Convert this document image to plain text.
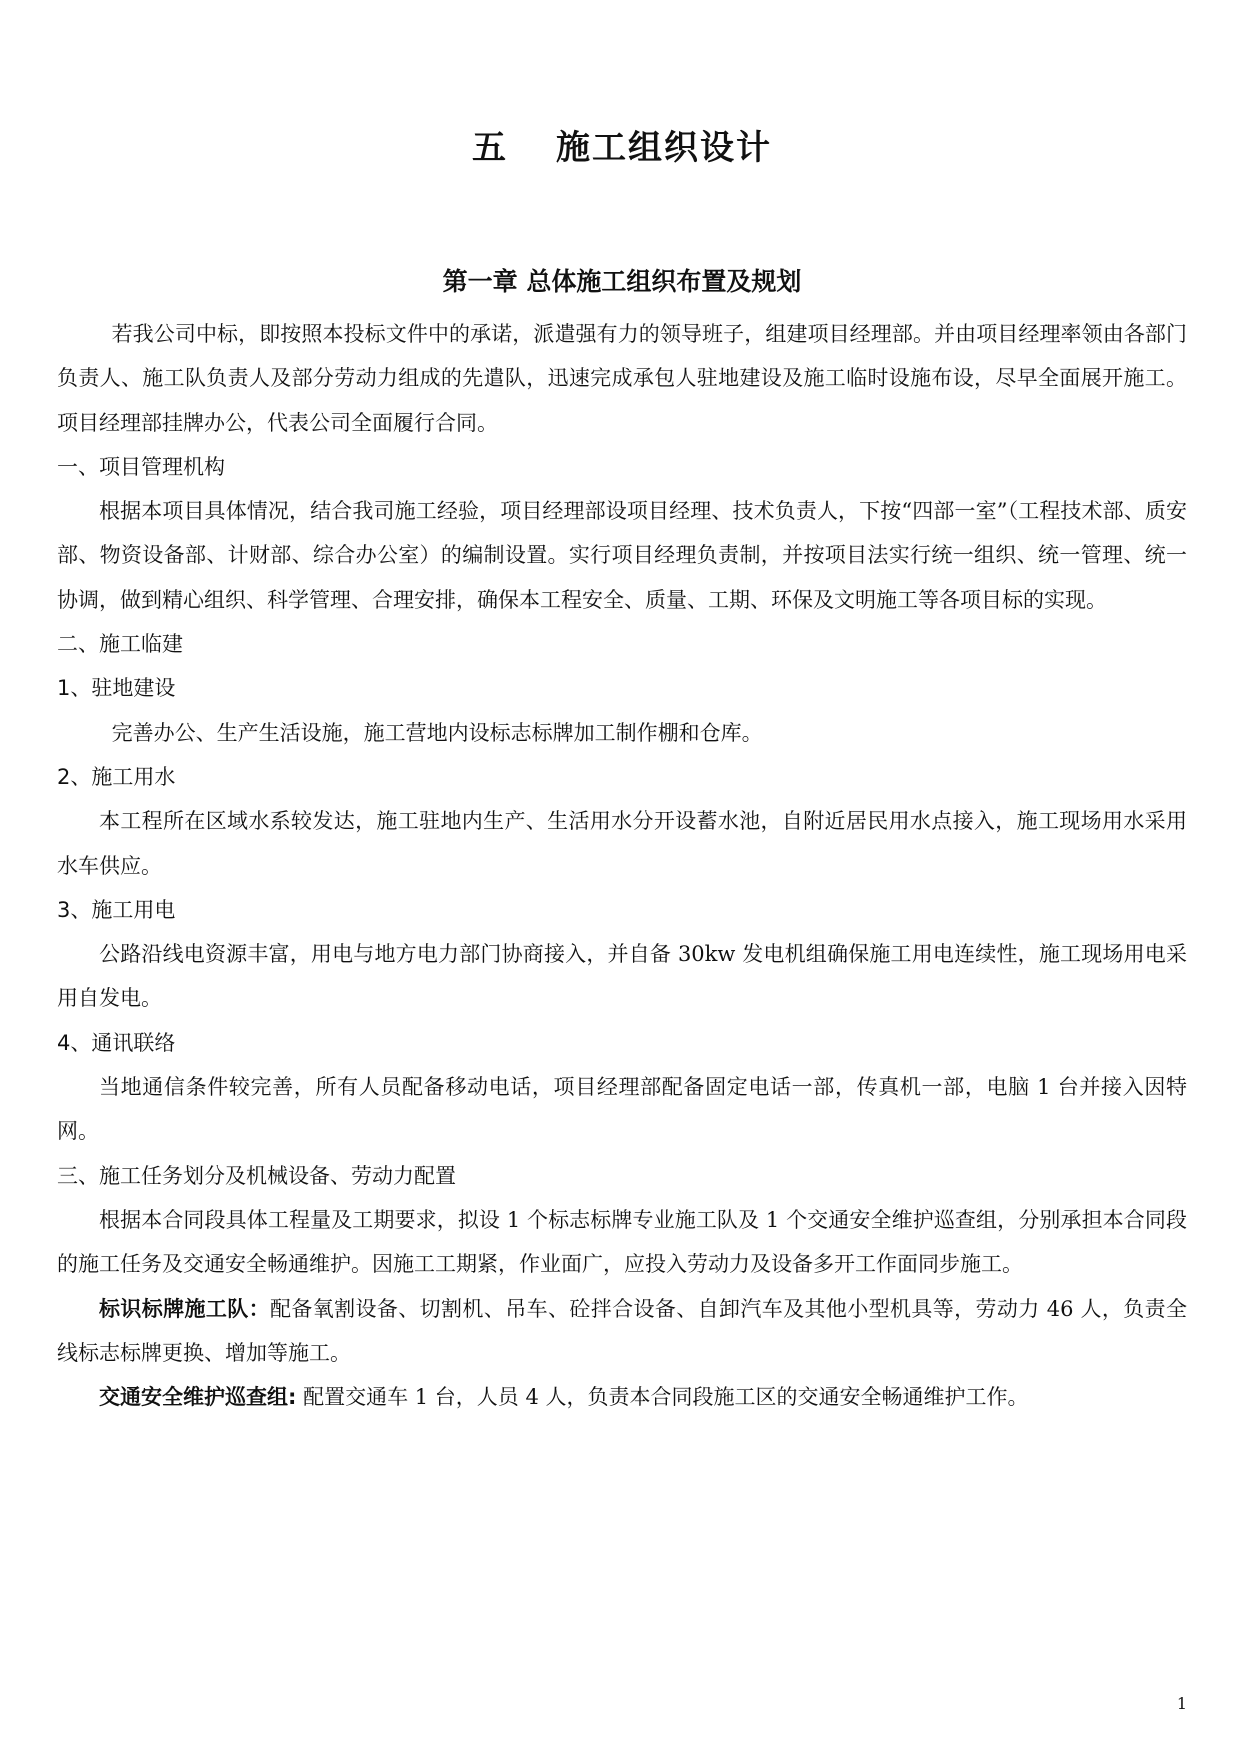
五 施工组织设计
第一章 总体施工组织布置及规划

若我公司中标，即按照本投标文件中的承诺，派遣强有力的领导班子，组建项目经理部。并由项目经理率领由各部门负责人、施工队负责人及部分劳动力组成的先遣队，迅速完成承包人驻地建设及施工临时设施布设，尽早全面展开施工。项目经理部挂牌办公，代表公司全面履行合同。

一、项目管理机构

根据本项目具体情况，结合我司施工经验，项目经理部设项目经理、技术负责人，下按“四部一室”（工程技术部、质安部、物资设备部、计财部、综合办公室）的编制设置。实行项目经理负责制，并按项目法实行统一组织、统一管理、统一协调，做到精心组织、科学管理、合理安排，确保本工程安全、质量、工期、环保及文明施工等各项目标的实现。

二、施工临建
1、驻地建设

完善办公、生产生活设施，施工营地内设标志标牌加工制作棚和仓库。

2、施工用水

本工程所在区域水系较发达，施工驻地内生产、生活用水分开设蓄水池，自附近居民用水点接入，施工现场用水采用水车供应。

3、施工用电

公路沿线电资源丰富，用电与地方电力部门协商接入，并自备 30kw 发电机组确保施工用电连续性，施工现场用电采用自发电。

4、通讯联络

当地通信条件较完善，所有人员配备移动电话，项目经理部配备固定电话一部，传真机一部，电脑 1 台并接入因特网。

三、施工任务划分及机械设备、劳动力配置

根据本合同段具体工程量及工期要求，拟设 1 个标志标牌专业施工队及 1 个交通安全维护巡查组，分别承担本合同段的施工任务及交通安全畅通维护。因施工工期紧，作业面广，应投入劳动力及设备多开工作面同步施工。

标识标牌施工队：配备氧割设备、切割机、吊车、砼拌合设备、自卸汽车及其他小型机具等，劳动力 46 人，负责全线标志标牌更换、增加等施工。

交通安全维护巡查组: 配置交通车 1 台，人员 4 人，负责本合同段施工区的交通安全畅通维护工作。

1
